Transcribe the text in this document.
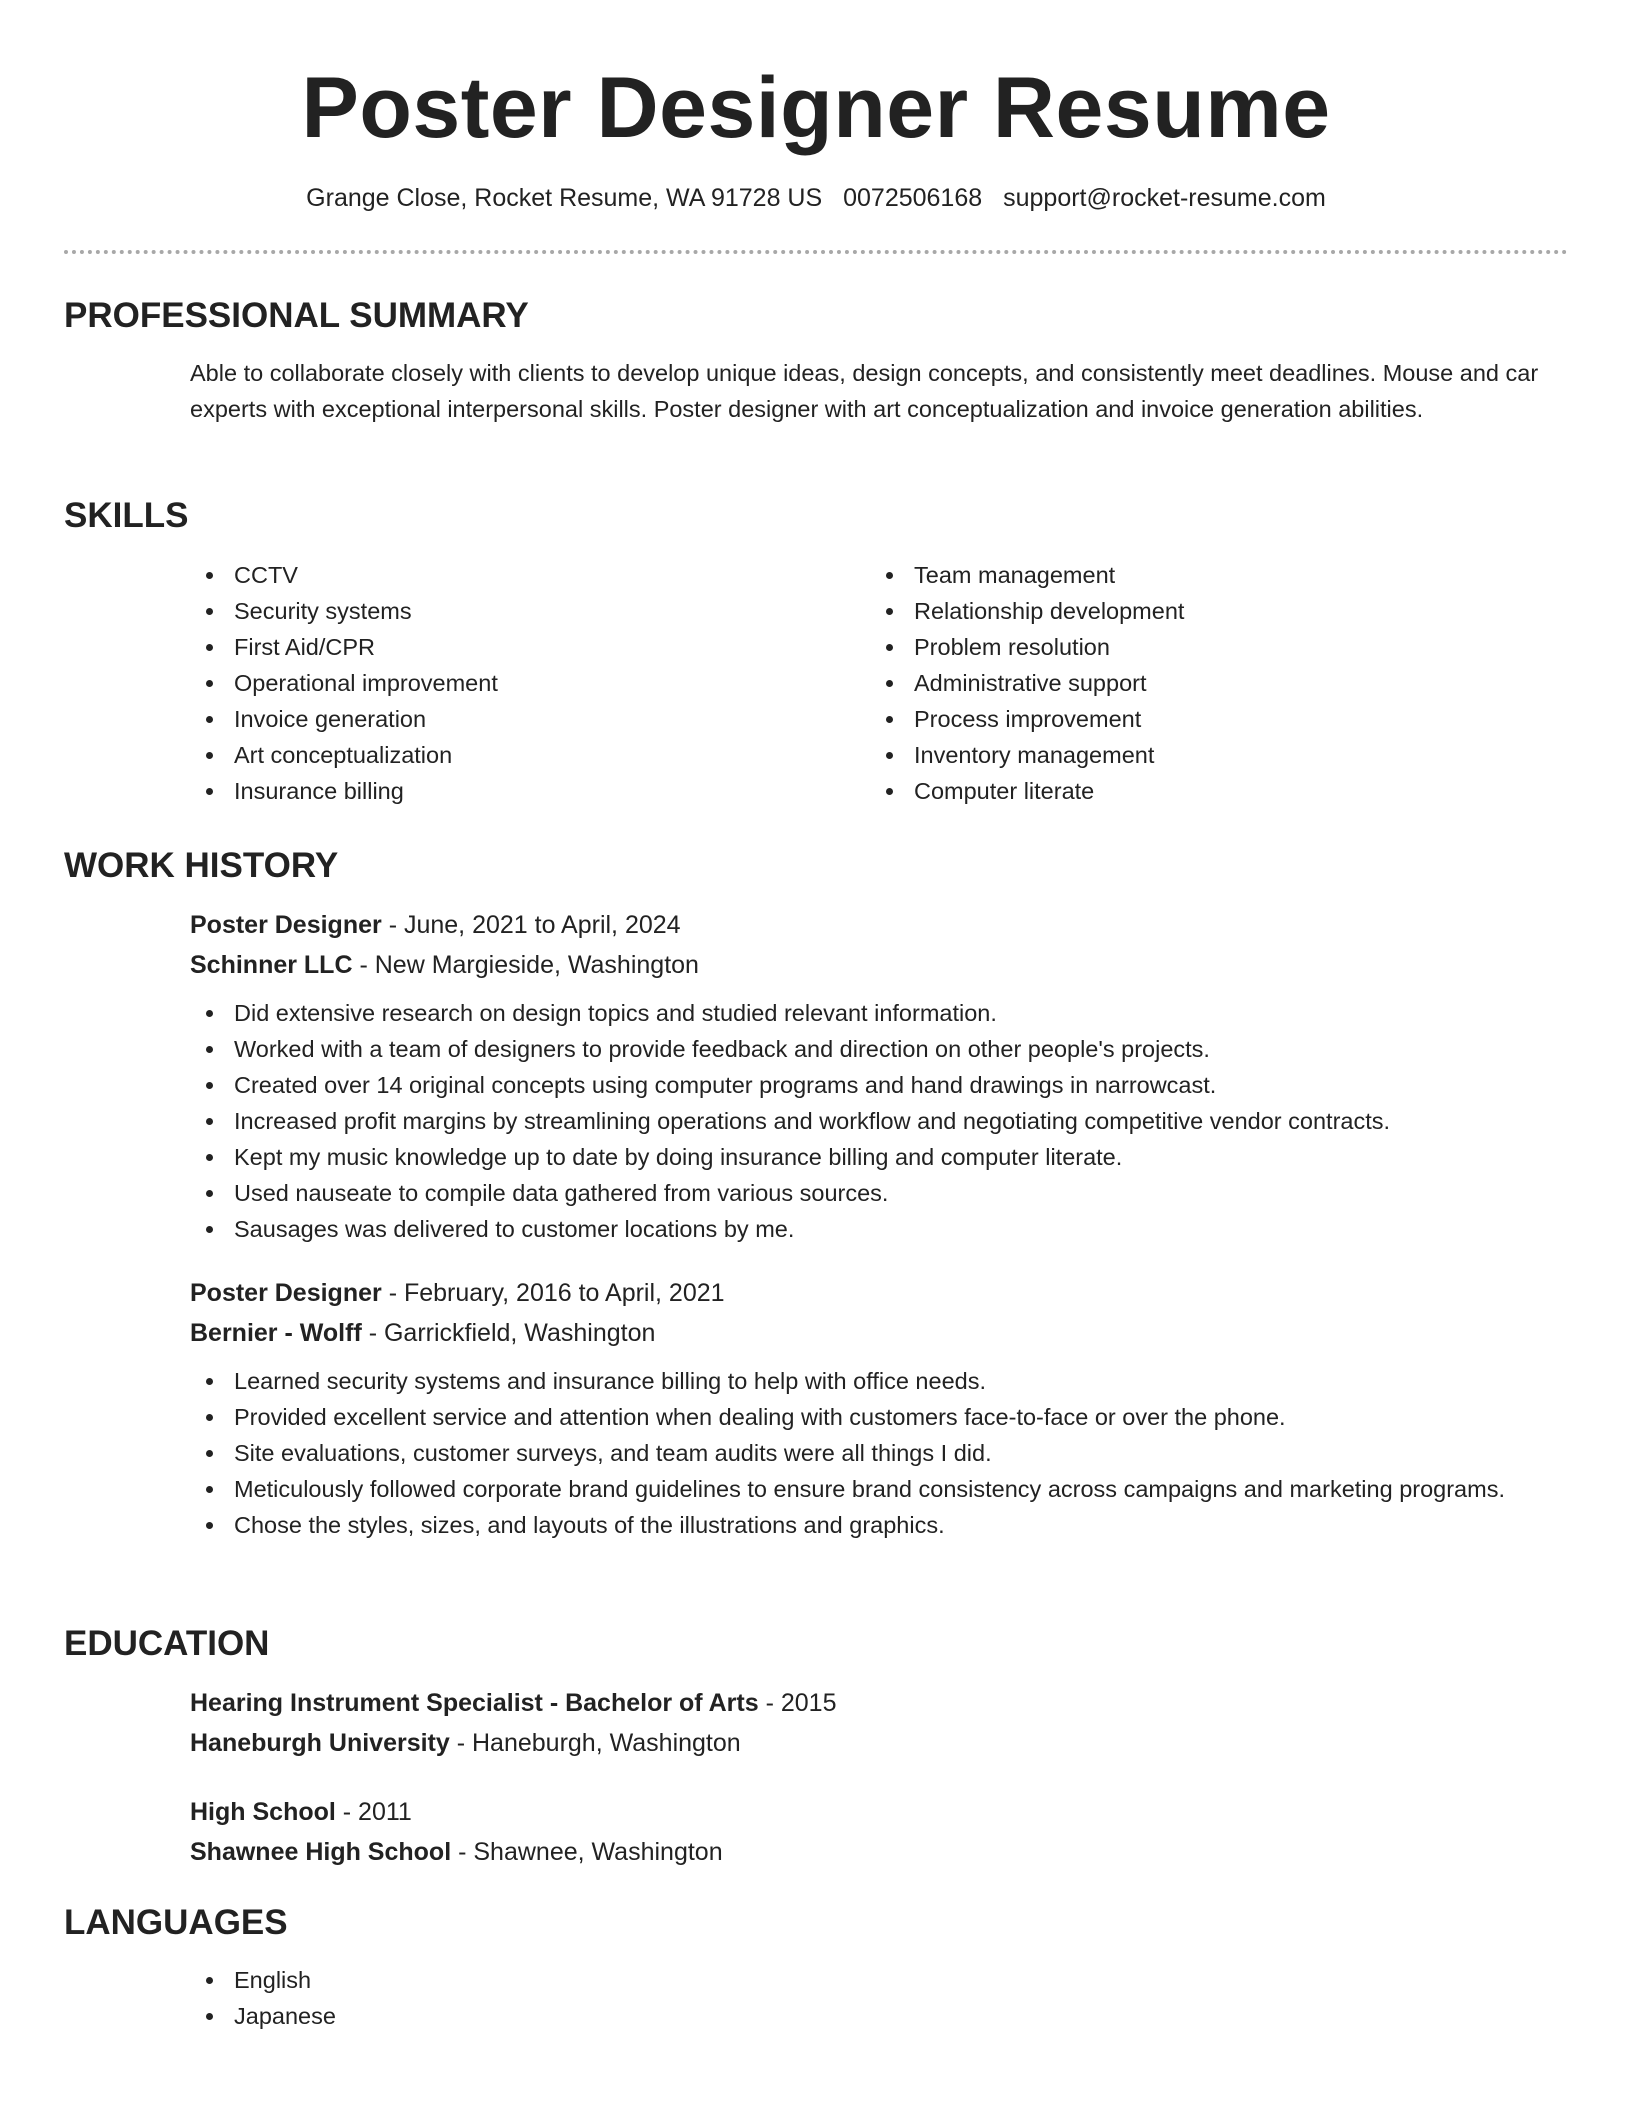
Poster Designer Resume
Grange Close, Rocket Resume, WA 91728 US 0072506168 support@rocket-resume.com
PROFESSIONAL SUMMARY
Able to collaborate closely with clients to develop unique ideas, design concepts, and consistently meet deadlines. Mouse and car experts with exceptional interpersonal skills. Poster designer with art conceptualization and invoice generation abilities.
SKILLS
CCTV
Security systems
First Aid/CPR
Operational improvement
Invoice generation
Art conceptualization
Insurance billing
Team management
Relationship development
Problem resolution
Administrative support
Process improvement
Inventory management
Computer literate
WORK HISTORY
Poster Designer - June, 2021 to April, 2024
Schinner LLC - New Margieside, Washington
Did extensive research on design topics and studied relevant information.
Worked with a team of designers to provide feedback and direction on other people's projects.
Created over 14 original concepts using computer programs and hand drawings in narrowcast.
Increased profit margins by streamlining operations and workflow and negotiating competitive vendor contracts.
Kept my music knowledge up to date by doing insurance billing and computer literate.
Used nauseate to compile data gathered from various sources.
Sausages was delivered to customer locations by me.
Poster Designer - February, 2016 to April, 2021
Bernier - Wolff - Garrickfield, Washington
Learned security systems and insurance billing to help with office needs.
Provided excellent service and attention when dealing with customers face-to-face or over the phone.
Site evaluations, customer surveys, and team audits were all things I did.
Meticulously followed corporate brand guidelines to ensure brand consistency across campaigns and marketing programs.
Chose the styles, sizes, and layouts of the illustrations and graphics.
EDUCATION
Hearing Instrument Specialist - Bachelor of Arts - 2015
Haneburgh University - Haneburgh, Washington
High School - 2011
Shawnee High School - Shawnee, Washington
LANGUAGES
English
Japanese
